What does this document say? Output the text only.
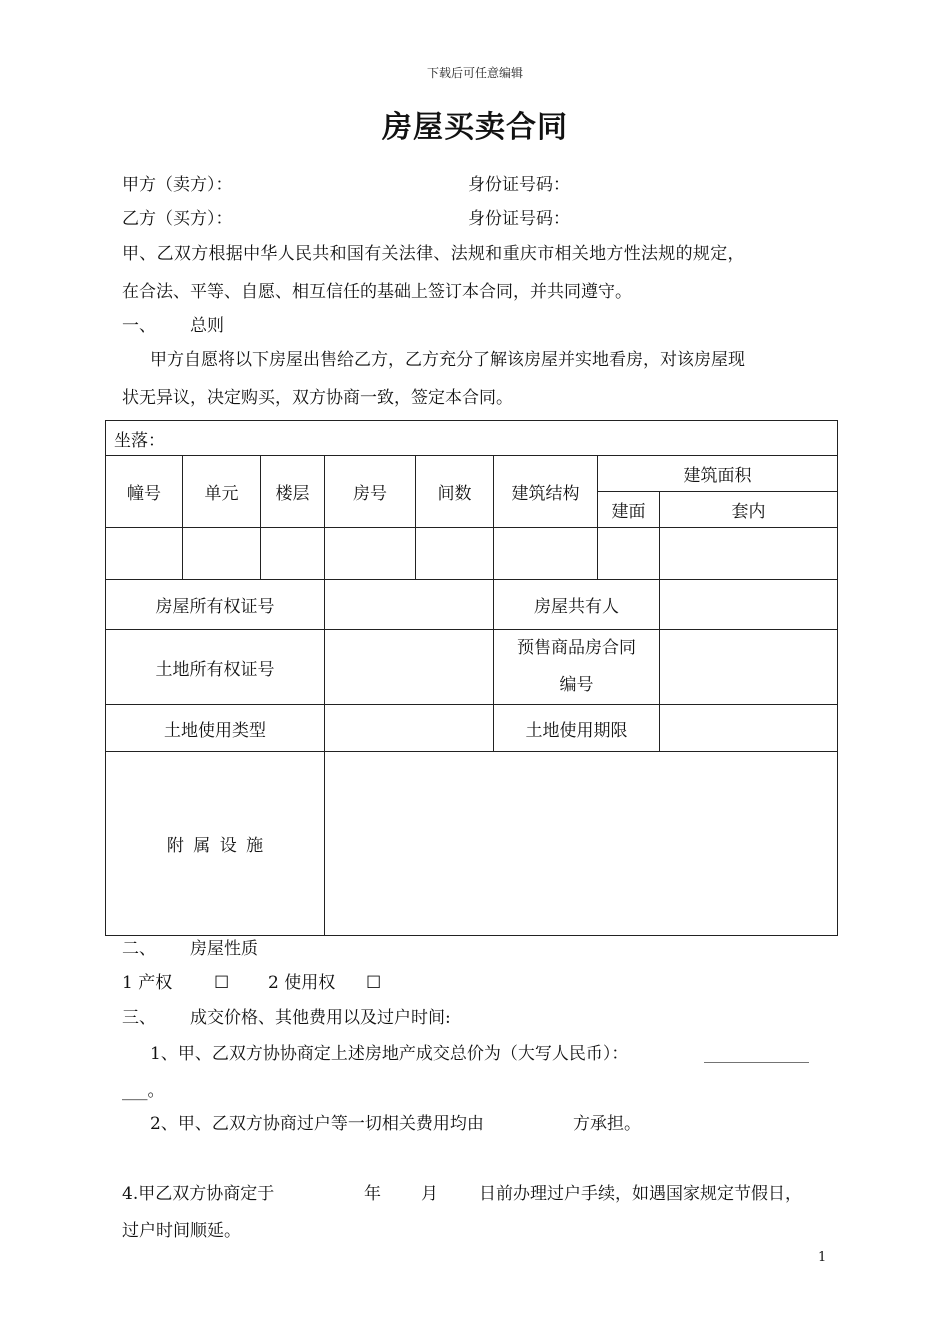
下载后可任意编辑
房屋买卖合同
甲方（卖方）：	身份证号码：
乙方（买方）：	身份证号码：
甲、乙双方根据中华人民共和国有关法律、法规和重庆市相关地方性法规的规定，
在合法、平等、自愿、相互信任的基础上签订本合同，并共同遵守。
一、 总则
甲方自愿将以下房屋出售给乙方，乙方充分了解该房屋并实地看房，对该房屋现
状无异议，决定购买，双方协商一致，签定本合同。
坐落：							
幢号	单元	楼层	房号	间数	建筑结构	建筑面积	
						建面	套内

房屋所有权证号					房屋共有人		
土地所有权证号					预售商品房合同
编号		

土地使用类型					土地使用期限		
附 属 设 施							
二、 房屋性质
1 产权 ☐ 2 使用权 ☐
三、 成交价格、其他费用以及过户时间:
1、甲、乙双方协协商定上述房地产成交总价为（大写人民币）：	______________
___。
2、甲、乙双方协商过户等一切相关费用均由	方承担。
4.甲乙双方协商定于	年 月 日前办理过户手续，如遇国家规定节假日，
过户时间顺延。
1
